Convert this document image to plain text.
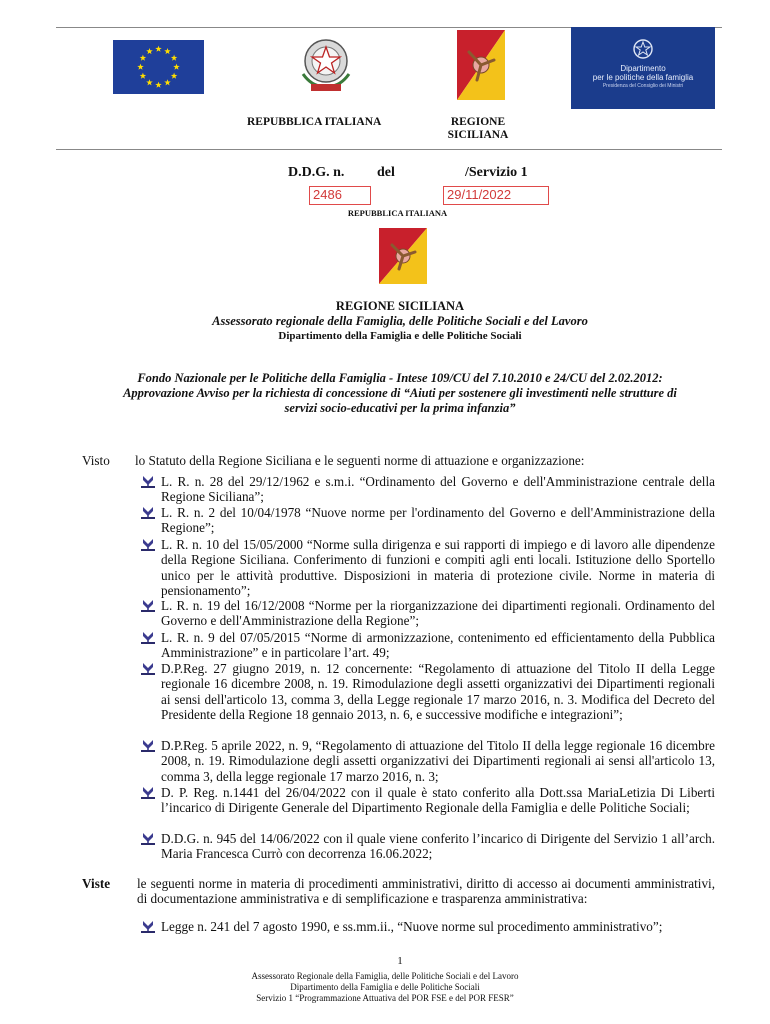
Dipartimento
per le politiche della famiglia
Presidenza del Consiglio dei Ministri
REPUBBLICA ITALIANA	REGIONE
SICILIANA
D.D.G. n. del	/Servizio 1
2486	29/11/2022
REPUBBLICA ITALIANA
REGIONE SICILIANA
Assessorato regionale della Famiglia, delle Politiche Sociali e del Lavoro
Dipartimento della Famiglia e delle Politiche Sociali
Fondo Nazionale per le Politiche della Famiglia - Intese 109/CU del 7.10.2010 e 24/CU del 2.02.2012:
Approvazione Avviso per la richiesta di concessione di “Aiuti per sostenere gli investimenti nelle strutture di
servizi socio-educativi per la prima infanzia”
Visto lo Statuto della Regione Siciliana e le seguenti norme di attuazione e organizzazione:
L. R. n. 28 del 29/12/1962 e s.m.i. “Ordinamento del Governo e dell'Amministrazione centrale della Regione Siciliana”;
L. R. n. 2 del 10/04/1978 “Nuove norme per l'ordinamento del Governo e dell'Amministrazione della Regione”;
L. R. n. 10 del 15/05/2000 “Norme sulla dirigenza e sui rapporti di impiego e di lavoro alle dipendenze della Regione Siciliana. Conferimento di funzioni e compiti agli enti locali. Istituzione dello Sportello unico per le attività produttive. Disposizioni in materia di protezione civile. Norme in materia di pensionamento”;
L. R. n. 19 del 16/12/2008 “Norme per la riorganizzazione dei dipartimenti regionali. Ordinamento del Governo e dell'Amministrazione della Regione”;
L. R. n. 9 del 07/05/2015 “Norme di armonizzazione, contenimento ed efficientamento della Pubblica Amministrazione” e in particolare l’art. 49;
D.P.Reg. 27 giugno 2019, n. 12 concernente: “Regolamento di attuazione del Titolo II della Legge regionale 16 dicembre 2008, n. 19. Rimodulazione degli assetti organizzativi dei Dipartimenti regionali ai sensi dell'articolo 13, comma 3, della Legge regionale 17 marzo 2016, n. 3. Modifica del Decreto del Presidente della Regione 18 gennaio 2013, n. 6, e successive modifiche e integrazioni”;
D.P.Reg. 5 aprile 2022, n. 9, “Regolamento di attuazione del Titolo II della legge regionale 16 dicembre 2008, n. 19. Rimodulazione degli assetti organizzativi dei Dipartimenti regionali ai sensi all'articolo 13, comma 3, della legge regionale 17 marzo 2016, n. 3;
D. P. Reg. n.1441 del 26/04/2022 con il quale è stato conferito alla Dott.ssa MariaLetizia Di Liberti l’incarico di Dirigente Generale del Dipartimento Regionale della Famiglia e delle Politiche Sociali;
D.D.G. n. 945 del 14/06/2022 con il quale viene conferito l’incarico di Dirigente del Servizio 1 all’arch. Maria Francesca Currò con decorrenza 16.06.2022;
Viste le seguenti norme in materia di procedimenti amministrativi, diritto di accesso ai documenti amministrativi, di documentazione amministrativa e di semplificazione e trasparenza amministrativa:
Legge n. 241 del 7 agosto 1990, e ss.mm.ii., “Nuove norme sul procedimento amministrativo”;
1
Assessorato Regionale della Famiglia, delle Politiche Sociali e del Lavoro
Dipartimento della Famiglia e delle Politiche Sociali
Servizio 1 “Programmazione Attuativa del POR FSE e del POR FESR”
